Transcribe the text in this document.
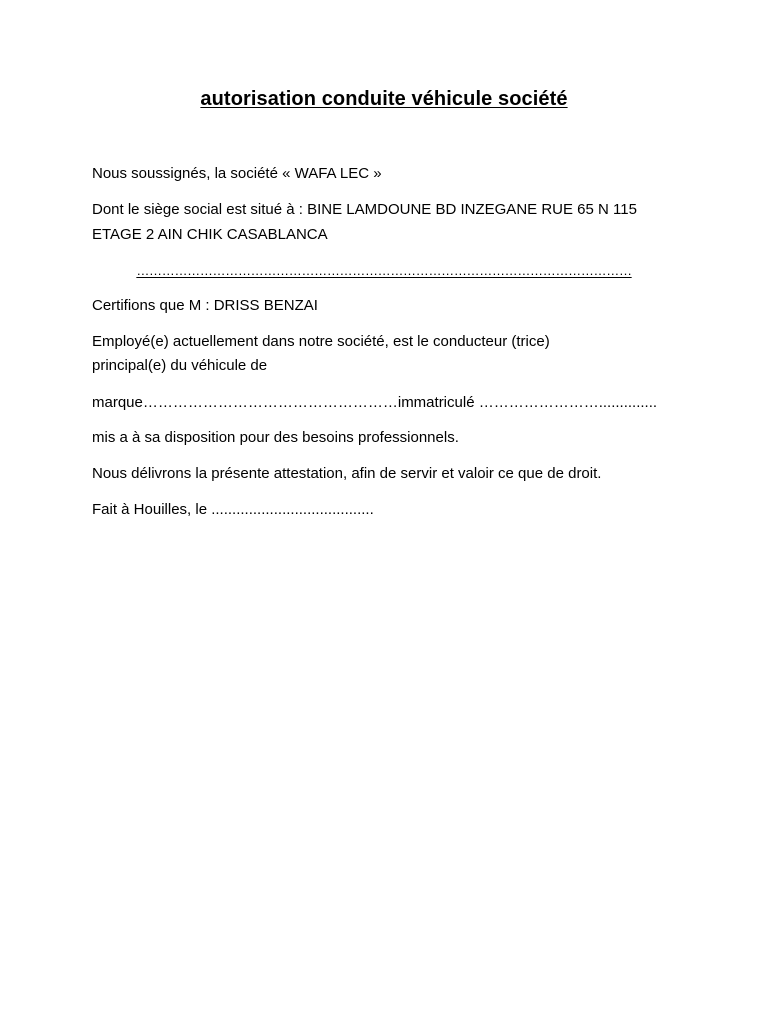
autorisation conduite véhicule société
Nous soussignés, la société « WAFA LEC »
Dont le siège social est situé à : BINE LAMDOUNE BD INZEGANE RUE 65 N 115
ETAGE 2 AIN CHIK CASABLANCA
………………………………………………………………………………………………………
Certifions que M : DRISS BENZAI
Employé(e) actuellement dans notre société, est le conducteur (trice)
principal(e) du véhicule de
marque……………………………………………immatriculé ……………………..............
mis a à sa disposition pour des besoins professionnels.
Nous délivrons la présente attestation, afin de servir et valoir ce que de droit.
Fait à Houilles, le .......................................
